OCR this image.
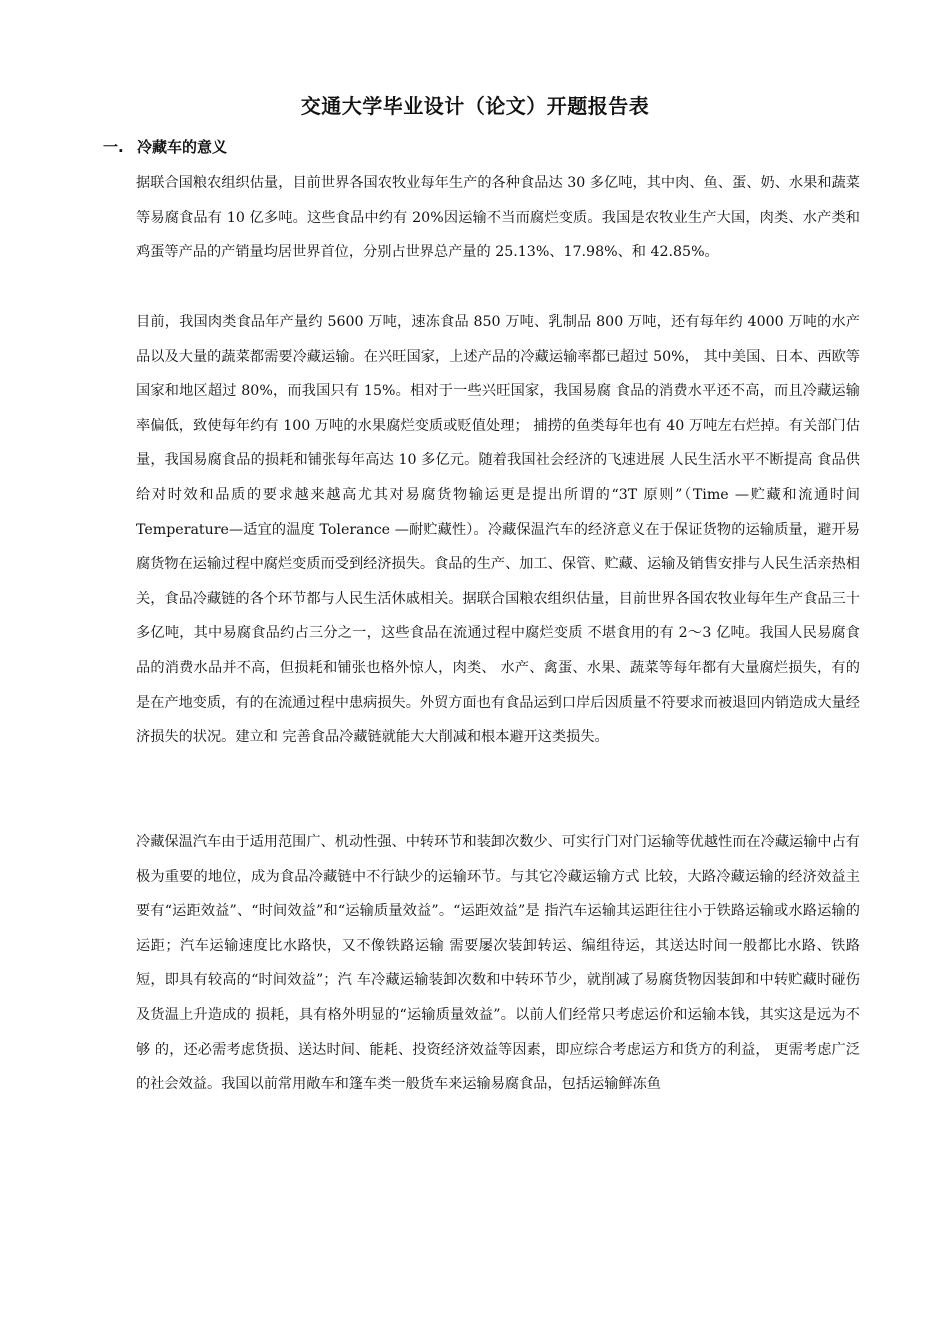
交通大学毕业设计（论文）开题报告表
一. 冷藏车的意义

据联合国粮农组织估量，目前世界各国农牧业每年生产的各种食品达 30 多亿吨，其中肉、鱼、蛋、奶、水果和蔬菜等易腐食品有 10 亿多吨。这些食品中约有 20%因运输不当而腐烂变质。我国是农牧业生产大国，肉类、水产类和鸡蛋等产品的产销量均居世界首位，分别占世界总产量的 25.13%、17.98%、和 42.85%。

目前，我国肉类食品年产量约 5600 万吨，速冻食品 850 万吨、乳制品 800 万吨，还有每年约 4000 万吨的水产品以及大量的蔬菜都需要冷藏运输。在兴旺国家，上述产品的冷藏运输率都已超过 50%， 其中美国、日本、西欧等国家和地区超过 80%，而我国只有 15%。相对于一些兴旺国家，我国易腐 食品的消费水平还不高，而且冷藏运输率偏低，致使每年约有 100 万吨的水果腐烂变质或贬值处理； 捕捞的鱼类每年也有 40 万吨左右烂掉。有关部门估量，我国易腐食品的损耗和铺张每年高达 10 多亿元。随着我国社会经济的飞速进展 人民生活水平不断提高 食品供给对时效和品质的要求越来越高尤其对易腐货物输运更是提出所谓的“3T 原则”（Time —贮藏和流通时间 Temperature—适宜的温度 Tolerance —耐贮藏性）。冷藏保温汽车的经济意义在于保证货物的运输质量，避开易腐货物在运输过程中腐烂变质而受到经济损失。食品的生产、加工、保管、贮藏、运输及销售安排与人民生活亲热相关，食品冷藏链的各个环节都与人民生活休戚相关。据联合国粮农组织估量，目前世界各国农牧业每年生产食品三十多亿吨，其中易腐食品约占三分之一，这些食品在流通过程中腐烂变质 不堪食用的有 2～3 亿吨。我国人民易腐食品的消费水品并不高，但损耗和铺张也格外惊人，肉类、 水产、禽蛋、水果、蔬菜等每年都有大量腐烂损失，有的是在产地变质，有的在流通过程中患病损失。外贸方面也有食品运到口岸后因质量不符要求而被退回内销造成大量经济损失的状况。建立和 完善食品冷藏链就能大大削减和根本避开这类损失。

冷藏保温汽车由于适用范围广、机动性强、中转环节和装卸次数少、可实行门对门运输等优越性而在冷藏运输中占有极为重要的地位，成为食品冷藏链中不行缺少的运输环节。与其它冷藏运输方式 比较，大路冷藏运输的经济效益主要有“运距效益”、“时间效益”和“运输质量效益”。“运距效益”是 指汽车运输其运距往往小于铁路运输或水路运输的运距；汽车运输速度比水路快，又不像铁路运输 需要屡次装卸转运、编组待运，其送达时间一般都比水路、铁路短，即具有较高的“时间效益”；汽 车冷藏运输装卸次数和中转环节少，就削减了易腐货物因装卸和中转贮藏时碰伤及货温上升造成的 损耗，具有格外明显的“运输质量效益”。以前人们经常只考虑运价和运输本钱，其实这是远为不够 的，还必需考虑货损、送达时间、能耗、投资经济效益等因素，即应综合考虑运方和货方的利益， 更需考虑广泛的社会效益。我国以前常用敞车和篷车类一般货车来运输易腐食品，包括运输鲜冻鱼
